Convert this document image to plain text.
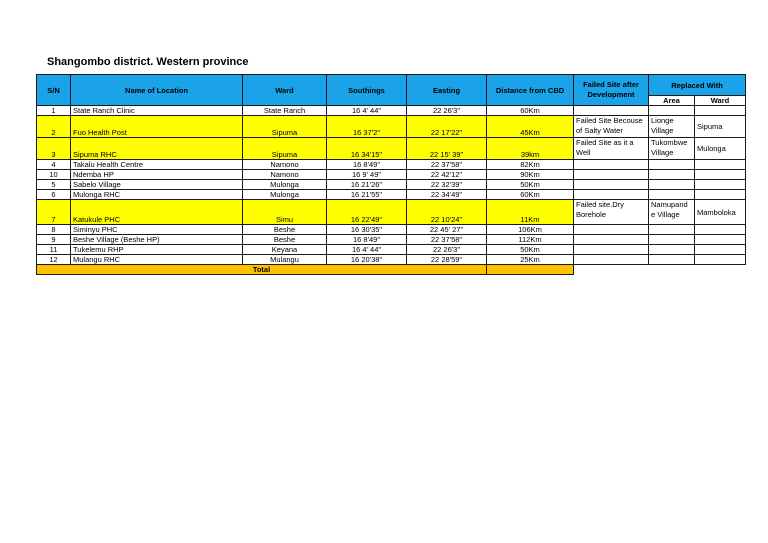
Shangombo district. Western province
S/N	Name of Location	Ward	Southings	Easting	Distance from CBD	Failed Site after Development	Replaced With	
							Area	Ward
1	State Ranch Clinic	State Ranch	16 4' 44"	22 26'3"	60Km			
2	Fuo Health Post	Sipuma	16 37'2"	22 17'22"	45Km	Failed Site Becouse of Salty Water	Lionge Village	Sipuma
3	Sipuma RHC	Sipuma	16 34'15"	22 15' 39"	39km	Failed Site as it a Well	Tukombwe Village	Mulonga
4	Takalu Health Centre	Namono	16 8'49"	22 37'58"	82Km			
10	Ndemba HP	Namono	16 9' 49"	22 42'12"	90Km			
5	Sabelo Village	Mulonga	16 21'26"	22 32'39"	50Km			
6	Mulonga RHC	Mulonga	16 21'55"	22 34'49"	60Km			
7	Katukule PHC	Simu	16 22'49"	22 10'24"	11Km	Failed site.Dry Borehole	Namupand e Village	Mamboloka
8	Siminyu PHC	Beshe	16 30'35"	22 45' 27"	106Km			
9	Beshe Village (Beshe HP)	Beshe	16 8'49"	22 37'58"	112Km			
11	Tukelemu RHP	Keyana	16 4' 44"	22 26'3"	50Km			
12	Mulangu RHC	Mulangu	16 20'38"	22 28'59"	25Km			
Total								
